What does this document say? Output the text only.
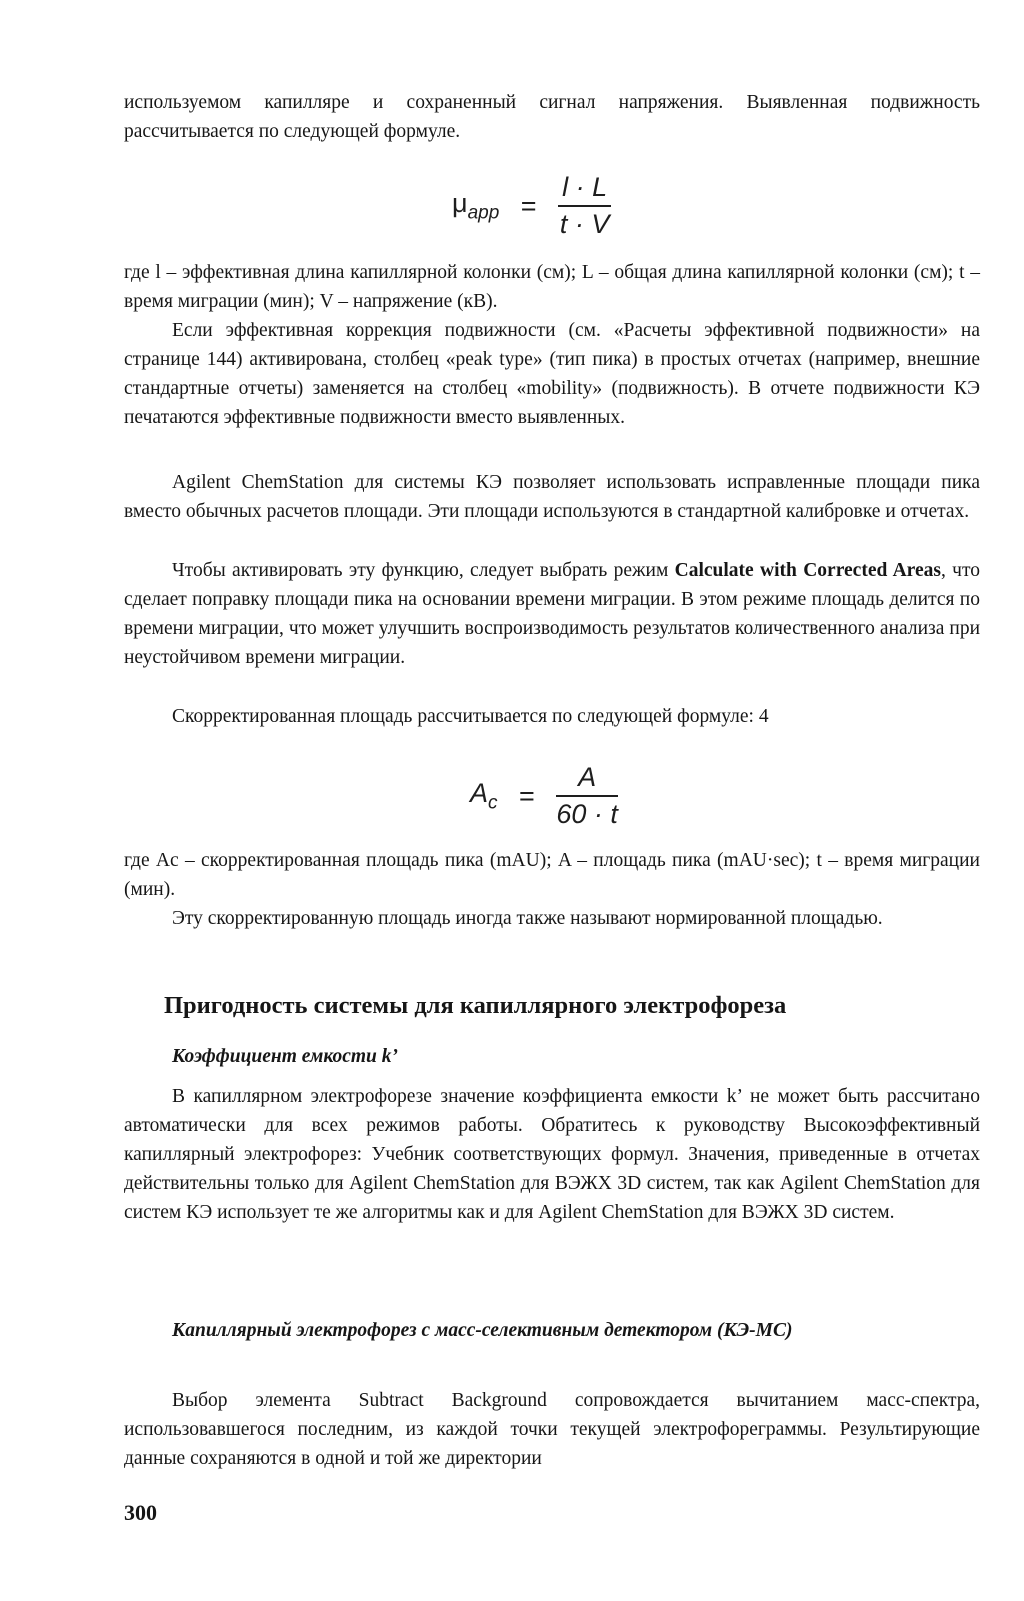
используемом капилляре и сохраненный сигнал напряжения. Выявленная подвижность рассчитывается по следующей формуле.

$\mu_{app} = \frac{l \cdot L}{t \cdot V}$

где l – эффективная длина капиллярной колонки (см); L – общая длина капиллярной колонки (см); t – время миграции (мин); V – напряжение (кВ).

Если эффективная коррекция подвижности (см. «Расчеты эффективной подвижности» на странице 144) активирована, столбец «peak type» (тип пика) в простых отчетах (например, внешние стандартные отчеты) заменяется на столбец «mobility» (подвижность). В отчете подвижности КЭ печатаются эффективные подвижности вместо выявленных.

Agilent ChemStation для системы КЭ позволяет использовать исправленные площади пика вместо обычных расчетов площади. Эти площади используются в стандартной калибровке и отчетах.

Чтобы активировать эту функцию, следует выбрать режим Calculate with Corrected Areas, что сделает поправку площади пика на основании времени миграции. В этом режиме площадь делится по времени миграции, что может улучшить воспроизводимость результатов количественного анализа при неустойчивом времени миграции.

Скорректированная площадь рассчитывается по следующей формуле: 4

$A_c = \frac{A}{60 \cdot t}$

где Ac – скорректированная площадь пика (mAU); A – площадь пика (mAU·sec); t – время миграции (мин).

Эту скорректированную площадь иногда также называют нормированной площадью.

Пригодность системы для капиллярного электрофореза
Коэффициент емкости k’

В капиллярном электрофорезе значение коэффициента емкости k’ не может быть рассчитано автоматически для всех режимов работы. Обратитесь к руководству Высокоэффективный капиллярный электрофорез: Учебник соответствующих формул. Значения, приведенные в отчетах действительны только для Agilent ChemStation для ВЭЖХ 3D систем, так как Agilent ChemStation для систем КЭ использует те же алгоритмы как и для Agilent ChemStation для ВЭЖХ 3D систем.

Капиллярный электрофорез с масс-селективным детектором (КЭ-МС)

Выбор элемента Subtract Background сопровождается вычитанием масс-спектра, использовавшегося последним, из каждой точки текущей электрофореграммы. Результирующие данные сохраняются в одной и той же директории

300
